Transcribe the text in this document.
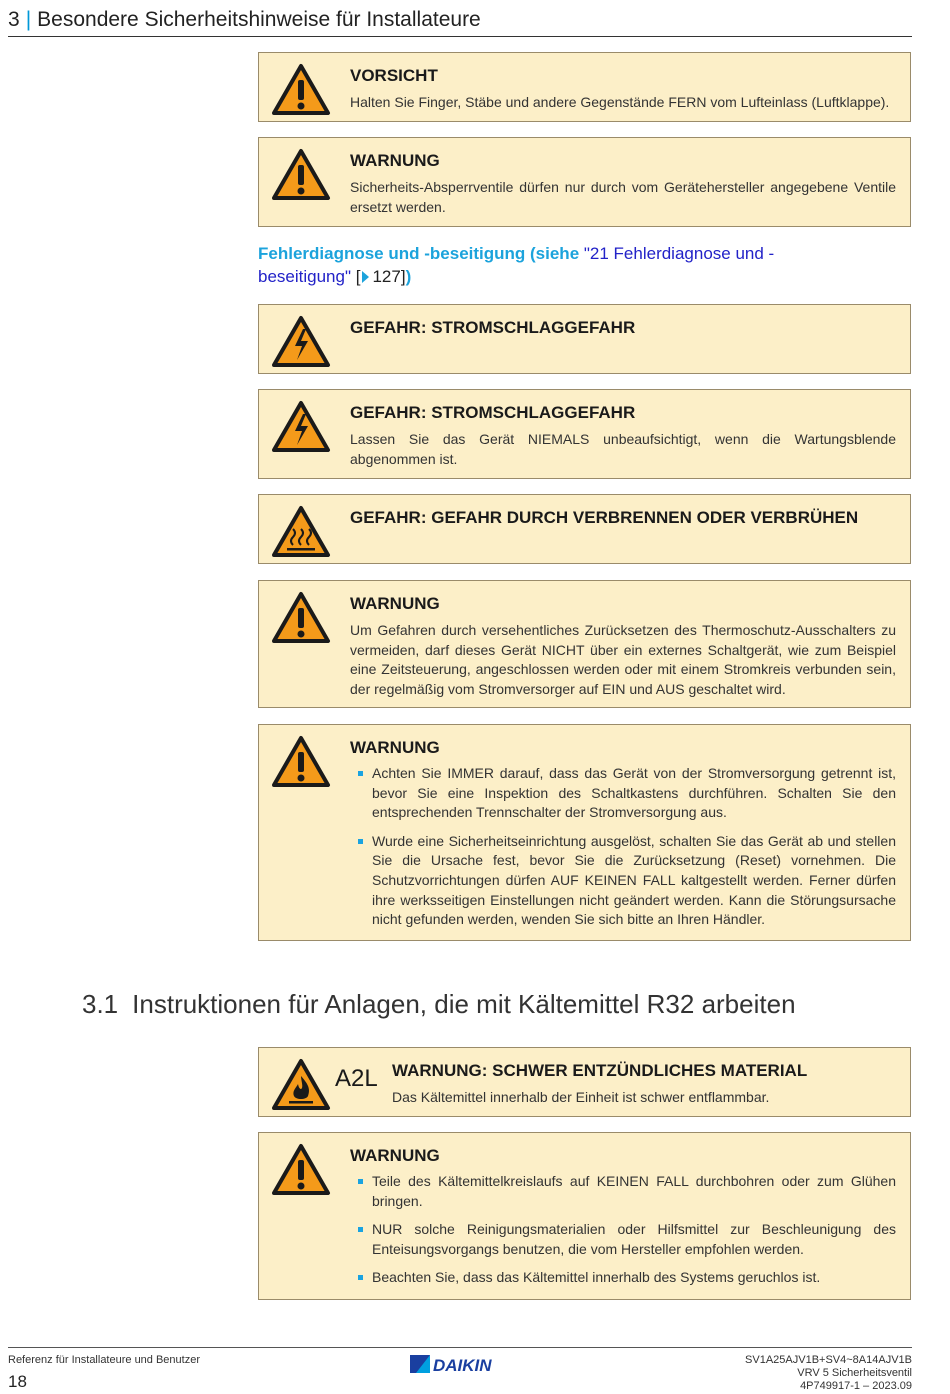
3 | Besondere Sicherheitshinweise für Installateure
VORSICHT
Halten Sie Finger, Stäbe und andere Gegenstände FERN vom Lufteinlass (Luftklappe).
WARNUNG
Sicherheits-Absperrventile dürfen nur durch vom Gerätehersteller angegebene Ventile ersetzt werden.
Fehlerdiagnose und -beseitigung (siehe "21 Fehlerdiagnose und -
beseitigung" [ 127])
GEFAHR: STROMSCHLAGGEFAHR
GEFAHR: STROMSCHLAGGEFAHR
Lassen Sie das Gerät NIEMALS unbeaufsichtigt, wenn die Wartungsblende abgenommen ist.
GEFAHR: GEFAHR DURCH VERBRENNEN ODER VERBRÜHEN
WARNUNG
Um Gefahren durch versehentliches Zurücksetzen des Thermoschutz-Ausschalters zu vermeiden, darf dieses Gerät NICHT über ein externes Schaltgerät, wie zum Beispiel eine Zeitsteuerung, angeschlossen werden oder mit einem Stromkreis verbunden sein, der regelmäßig vom Stromversorger auf EIN und AUS geschaltet wird.
WARNUNG
Achten Sie IMMER darauf, dass das Gerät von der Stromversorgung getrennt ist, bevor Sie eine Inspektion des Schaltkastens durchführen. Schalten Sie den entsprechenden Trennschalter der Stromversorgung aus.
Wurde eine Sicherheitseinrichtung ausgelöst, schalten Sie das Gerät ab und stellen Sie die Ursache fest, bevor Sie die Zurücksetzung (Reset) vornehmen. Die Schutzvorrichtungen dürfen AUF KEINEN FALL kaltgestellt werden. Ferner dürfen ihre werksseitigen Einstellungen nicht geändert werden. Kann die Störungsursache nicht gefunden werden, wenden Sie sich bitte an Ihren Händler.
3.1 Instruktionen für Anlagen, die mit Kältemittel R32 arbeiten
A2L WARNUNG: SCHWER ENTZÜNDLICHES MATERIAL
Das Kältemittel innerhalb der Einheit ist schwer entflammbar.
WARNUNG
Teile des Kältemittelkreislaufs auf KEINEN FALL durchbohren oder zum Glühen bringen.
NUR solche Reinigungsmaterialien oder Hilfsmittel zur Beschleunigung des Enteisungsvorgangs benutzen, die vom Hersteller empfohlen werden.
Beachten Sie, dass das Kältemittel innerhalb des Systems geruchlos ist.
Referenz für Installateure und Benutzer
18
DAIKIN	SV1A25AJV1B+SV4~8A14AJV1B
VRV 5 Sicherheitsventil
4P749917-1 – 2023.09
